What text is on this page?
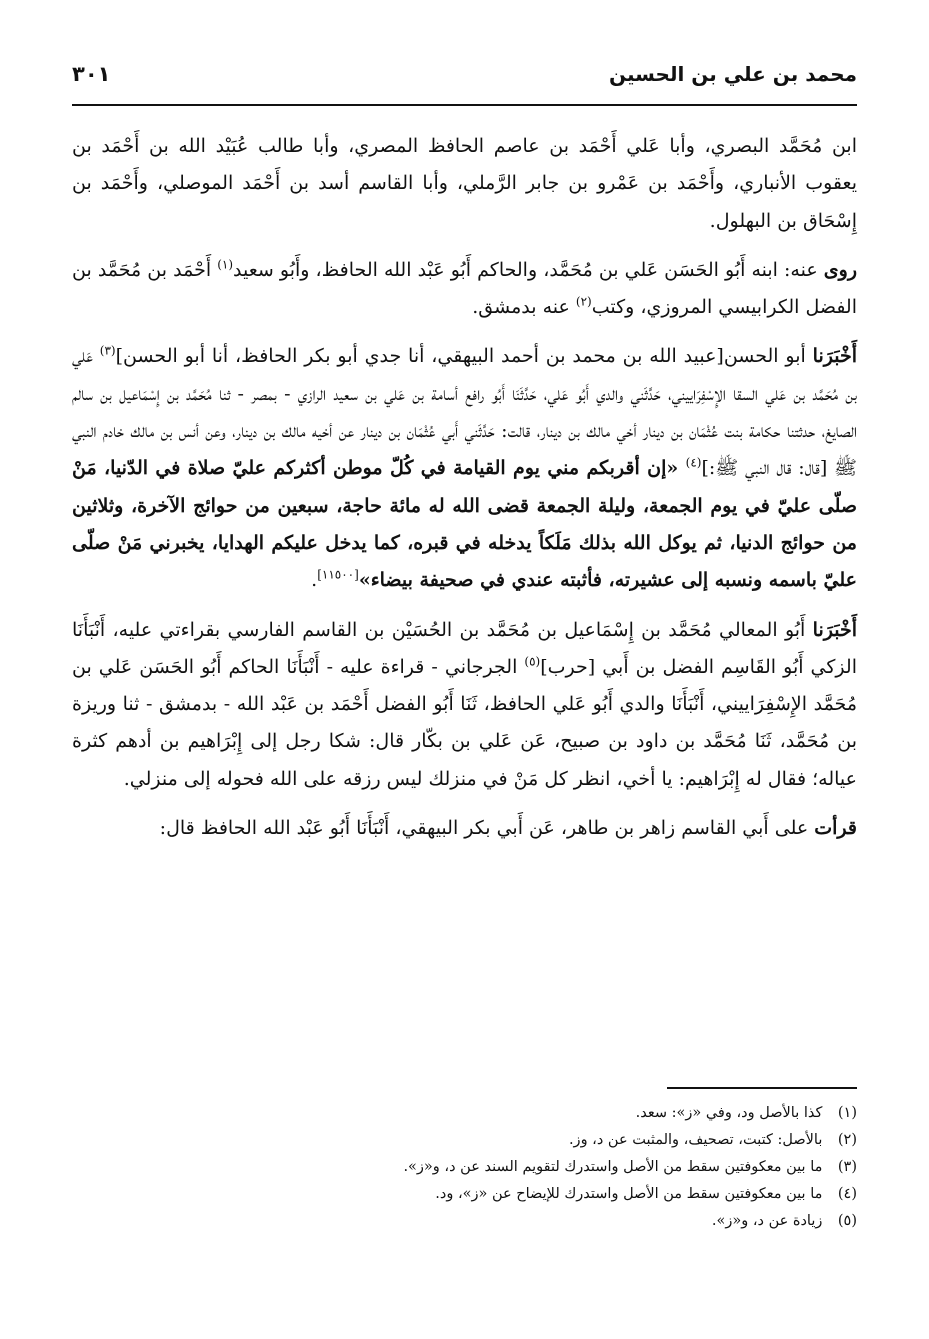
محمد بن علي بن الحسين
٣٠١

ابن مُحَمَّد البصري، وأبا عَلي أَحْمَد بن عاصم الحافظ المصري، وأبا طالب عُبَيْد الله بن أَحْمَد بن يعقوب الأنباري، وأَحْمَد بن عَمْرو بن جابر الرَّملي، وأبا القاسم أسد بن أَحْمَد الموصلي، وأَحْمَد بن إِسْحَاق بن البهلول.

روى عنه: ابنه أَبُو الحَسَن عَلي بن مُحَمَّد، والحاكم أَبُو عَبْد الله الحافظ، وأَبُو سعيد$^{(١)}$ أَحْمَد بن مُحَمَّد بن الفضل الكرابيسي المروزي، وكتب$^{(٢)}$ عنه بدمشق.

أَخْبَرَنا أبو الحسن[عبيد الله بن محمد بن أحمد البيهقي، أنا جدي أبو بكر الحافظ، أنا أبو الحسن]$^{(٣)}$ عَلي بن مُحَمَّد بن عَلي السقا الإِسْفِرَاييني، حَدَّثَني والدي أَبُو عَلي، حَدَّثَنَا أَبُو رافع أسامة بن عَلي بن سعيد الرازي - بمصر - ثنا مُحَمَّد بن إِسْمَاعيل بن سالم الصايغ، حدثتنا حكامة بنت عُثْمَان بن دينار أخي مالك بن دينار، قالت: حَدَّثَني أَبي عُثْمَان بن دينار عن أخيه مالك بن دينار، وعن أنس بن مالك خادم النبي ﷺ [قال: قال النبي ﷺ:]$^{(٤)}$ «إن أقربكم مني يوم القيامة في كُلّ موطن أكثركم عليّ صلاة في الدّنيا، مَنْ صلّى عليّ في يوم الجمعة، وليلة الجمعة قضى الله له مائة حاجة، سبعين من حوائج الآخرة، وثلاثين من حوائج الدنيا، ثم يوكل الله بذلك مَلَكاً يدخله في قبره، كما يدخل عليكم الهدايا، يخبرني مَنْ صلّى عليّ باسمه ونسبه إلى عشيرته، فأثبته عندي في صحيفة بيضاء»[١١٥٠٠].

أَخْبَرَنا أَبُو المعالي مُحَمَّد بن إِسْمَاعيل بن مُحَمَّد بن الحُسَيْن بن القاسم الفارسي بقراءتي عليه، أَنْبَأَنَا الزكي أَبُو القَاسِم الفضل بن أَبي [حرب]$^{(٥)}$ الجرجاني - قراءة عليه - أَنْبَأَنَا الحاكم أَبُو الحَسَن عَلي بن مُحَمَّد الإِسْفِرَاييني، أَنْبَأَنَا والدي أَبُو عَلي الحافظ، ثَنَا أَبُو الفضل أَحْمَد بن عَبْد الله - بدمشق - ثنا وريزة بن مُحَمَّد، ثَنَا مُحَمَّد بن داود بن صبيح، عَن عَلي بن بكّار قال: شكا رجل إلى إِبْرَاهيم بن أدهم كثرة عياله؛ فقال له إِبْرَاهيم: يا أخي، انظر كل مَنْ في منزلك ليس رزقه على الله فحوله إلى منزلي.

قرأت على أَبي القاسم زاهر بن طاهر، عَن أَبي بكر البيهقي، أَنْبَأَنَا أَبُو عَبْد الله الحافظ قال:

(١) كذا بالأصل ود، وفي «ز»: سعد.
(٢) بالأصل: كتبت، تصحيف، والمثبت عن د، وز.
(٣) ما بين معكوفتين سقط من الأصل واستدرك لتقويم السند عن د، و«ز».
(٤) ما بين معكوفتين سقط من الأصل واستدرك للإيضاح عن «ز»، ود.
(٥) زيادة عن د، و«ز».
